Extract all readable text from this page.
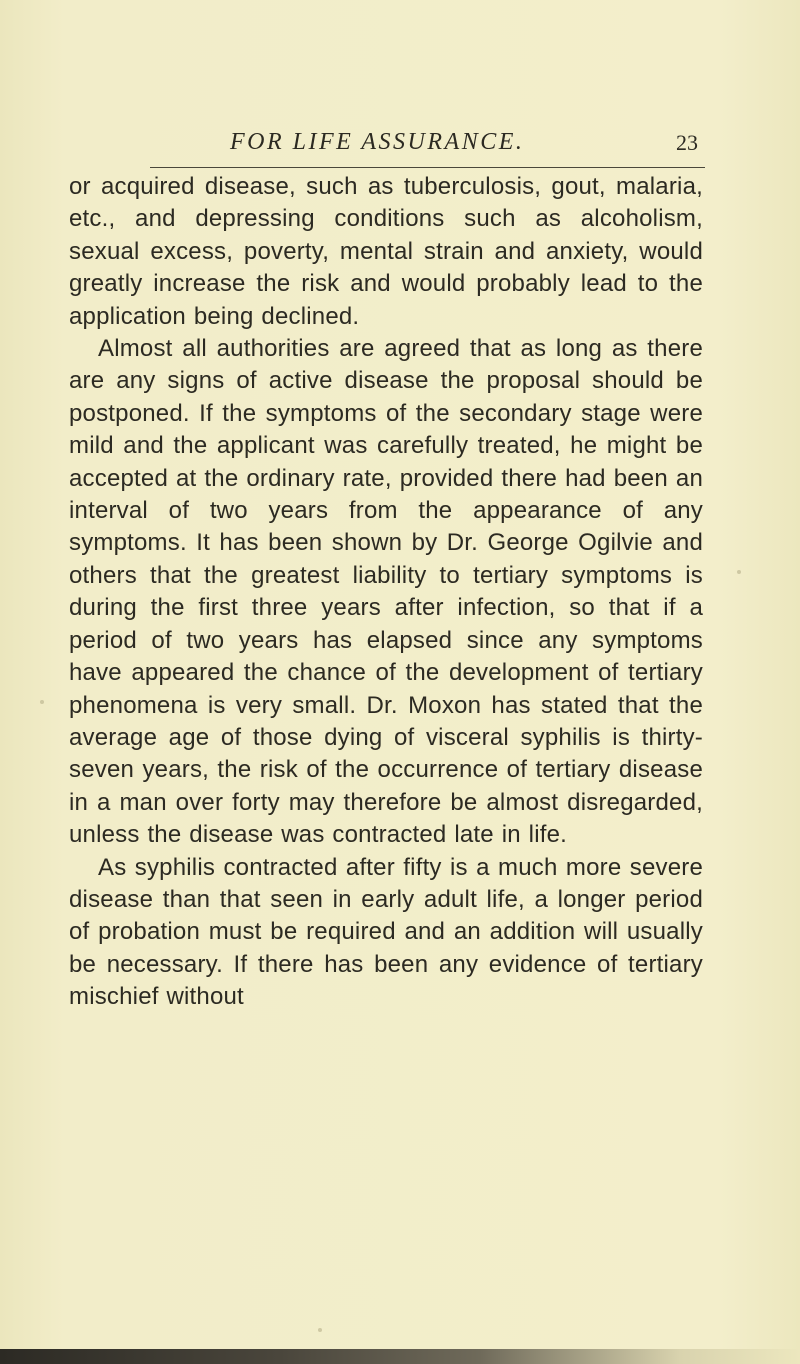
FOR LIFE ASSURANCE.	23

or acquired disease, such as tuberculosis, gout, malaria, etc., and depressing conditions such as alcoholism, sexual excess, poverty, mental strain and anxiety, would greatly increase the risk and would probably lead to the application being declined.

Almost all authorities are agreed that as long as there are any signs of active disease the proposal should be postponed. If the symptoms of the secondary stage were mild and the applicant was carefully treated, he might be accepted at the ordinary rate, provided there had been an interval of two years from the appearance of any symptoms. It has been shown by Dr. George Ogilvie and others that the greatest liability to tertiary symptoms is during the first three years after infection, so that if a period of two years has elapsed since any symptoms have appeared the chance of the development of tertiary phenomena is very small. Dr. Moxon has stated that the average age of those dying of visceral syphilis is thirty-seven years, the risk of the occurrence of tertiary disease in a man over forty may therefore be almost disregarded, unless the disease was contracted late in life.

As syphilis contracted after fifty is a much more severe disease than that seen in early adult life, a longer period of probation must be required and an addition will usually be necessary. If there has been any evidence of tertiary mischief without
